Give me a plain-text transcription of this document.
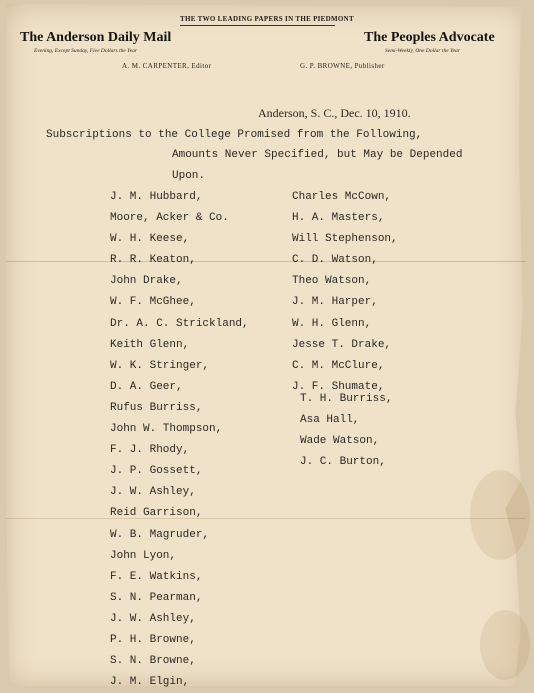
THE TWO LEADING PAPERS IN THE PIEDMONT
The Anderson Daily Mail
Evening, Except Sunday, Five Dollars the Year
A. M. CARPENTER, Editor
The Peoples Advocate
Semi-Weekly, One Dollar the Year
G. P. BROWNE, Publisher
Anderson, S. C., Dec. 10, 1910.
Subscriptions to the College Promised from the Following,
Amounts Never Specified, but May be Depended
Upon.
J. M. Hubbard,
Moore, Acker & Co.
W. H. Keese,
R. R. Keaton,
John Drake,
W. F. McGhee,
Dr. A. C. Strickland,
Keith Glenn,
W. K. Stringer,
D. A. Geer,
Rufus Burriss,
John W. Thompson,
F. J. Rhody,
J. P. Gossett,
J. W. Ashley,
Reid Garrison,
W. B. Magruder,
John Lyon,
F. E. Watkins,
S. N. Pearman,
J. W. Ashley,
P. H. Browne,
S. N. Browne,
J. M. Elgin,
Charles McCown,
H. A. Masters,
Will Stephenson,
C. D. Watson,
Theo Watson,
J. M. Harper,
W. H. Glenn,
Jesse T. Drake,
C. M. McClure,
J. F. Shumate,
T. H. Burriss,
Asa Hall,
Wade Watson,
J. C. Burton,
